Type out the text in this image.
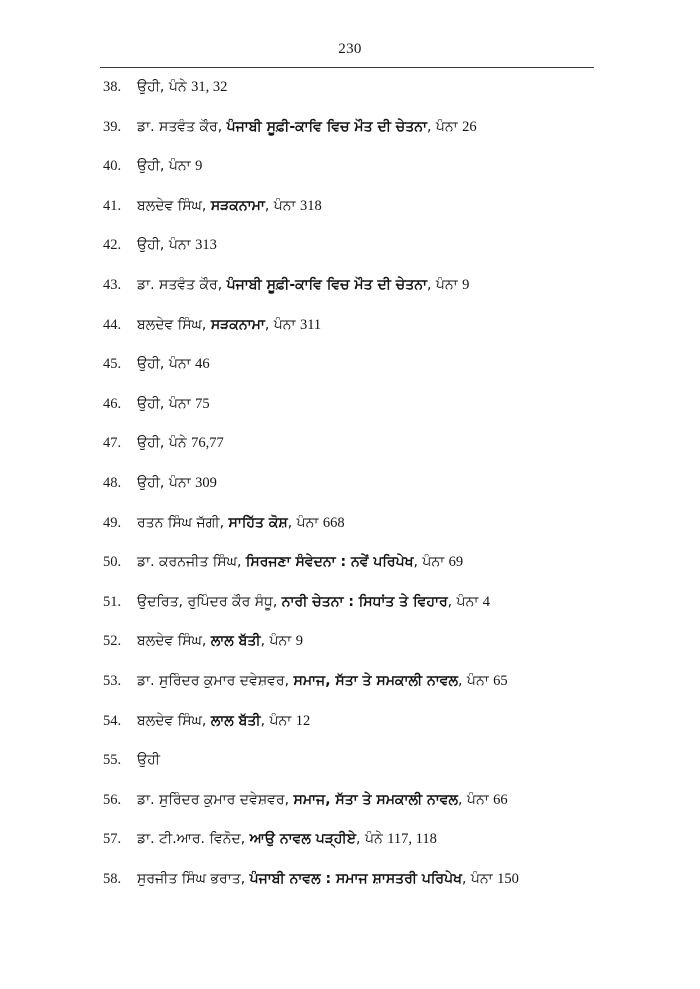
230
38.	ਉਹੀ, ਪੰਨੇ 31, 32
39.	ਡਾ. ਸਤਵੰਤ ਕੌਰ, ਪੰਜਾਬੀ ਸੂਫ਼ੀ-ਕਾਵਿ ਵਿਚ ਮੌਤ ਦੀ ਚੇਤਨਾ, ਪੰਨਾ 26
40.	ਉਹੀ, ਪੰਨਾ 9
41.	ਬਲਦੇਵ ਸਿੰਘ, ਸੜਕਨਾਮਾ, ਪੰਨਾ 318
42.	ਉਹੀ, ਪੰਨਾ 313
43.	ਡਾ. ਸਤਵੰਤ ਕੌਰ, ਪੰਜਾਬੀ ਸੂਫ਼ੀ-ਕਾਵਿ ਵਿਚ ਮੌਤ ਦੀ ਚੇਤਨਾ, ਪੰਨਾ 9
44.	ਬਲਦੇਵ ਸਿੰਘ, ਸੜਕਨਾਮਾ, ਪੰਨਾ 311
45.	ਉਹੀ, ਪੰਨਾ 46
46.	ਉਹੀ, ਪੰਨਾ 75
47.	ਉਹੀ, ਪੰਨੇ 76,77
48.	ਉਹੀ, ਪੰਨਾ 309
49.	ਰਤਨ ਸਿੰਘ ਜੱਗੀ, ਸਾਹਿੱਤ ਕੋਸ਼, ਪੰਨਾ 668
50.	ਡਾ. ਕਰਨਜੀਤ ਸਿੰਘ, ਸਿਰਜਣਾ ਸੰਵੇਦਨਾ : ਨਵੇਂ ਪਰਿਪੇਖ, ਪੰਨਾ 69
51.	ਉਦਰਿਤ, ਰੁਪਿੰਦਰ ਕੌਰ ਸੰਧੂ, ਨਾਰੀ ਚੇਤਨਾ : ਸਿਧਾਂਤ ਤੇ ਵਿਹਾਰ, ਪੰਨਾ 4
52.	ਬਲਦੇਵ ਸਿੰਘ, ਲਾਲ ਬੱਤੀ, ਪੰਨਾ 9
53.	ਡਾ. ਸੁਰਿੰਦਰ ਕੁਮਾਰ ਦਵੇਸ਼ਵਰ, ਸਮਾਜ, ਸੱਤਾ ਤੇ ਸਮਕਾਲੀ ਨਾਵਲ, ਪੰਨਾ 65
54.	ਬਲਦੇਵ ਸਿੰਘ, ਲਾਲ ਬੱਤੀ, ਪੰਨਾ 12
55.	ਉਹੀ
56.	ਡਾ. ਸੁਰਿੰਦਰ ਕੁਮਾਰ ਦਵੇਸ਼ਵਰ, ਸਮਾਜ, ਸੱਤਾ ਤੇ ਸਮਕਾਲੀ ਨਾਵਲ, ਪੰਨਾ 66
57.	ਡਾ. ਟੀ.ਆਰ. ਵਿਨੋਦ, ਆਉ ਨਾਵਲ ਪੜ੍ਹੀਏ, ਪੰਨੇ 117, 118
58.	ਸੁਰਜੀਤ ਸਿੰਘ ਭਰਾਤ, ਪੰਜਾਬੀ ਨਾਵਲ : ਸਮਾਜ ਸ਼ਾਸਤਰੀ ਪਰਿਪੇਖ, ਪੰਨਾ 150
